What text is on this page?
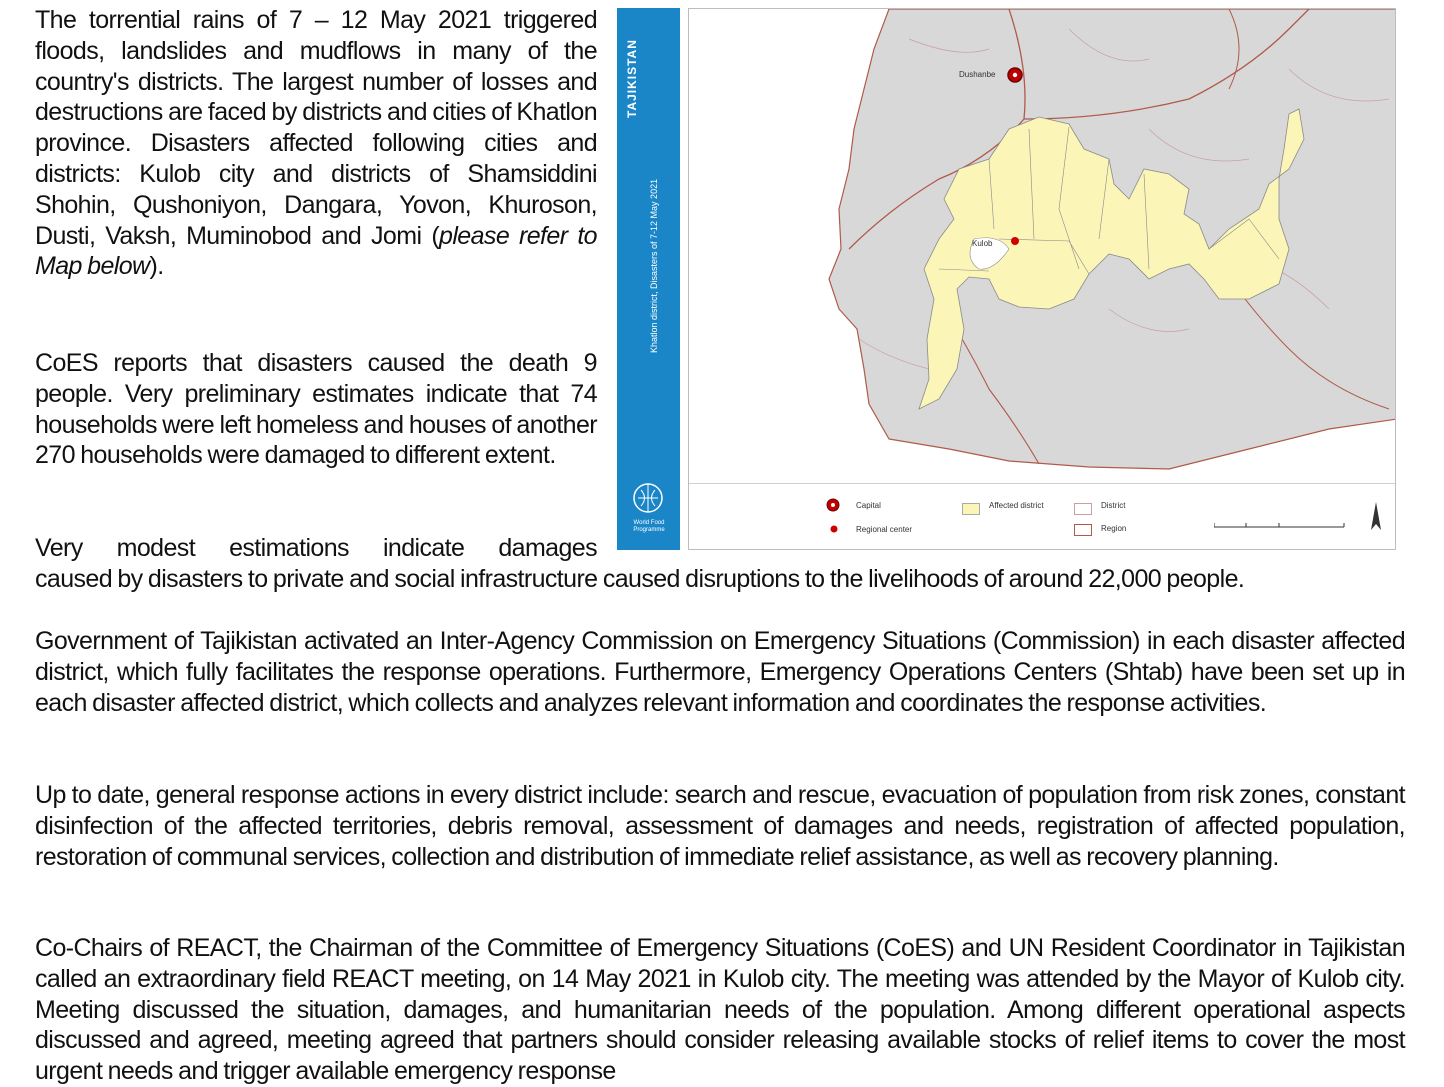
The torrential rains of 7 – 12 May 2021 triggered floods, landslides and mudflows in many of the country's districts. The largest number of losses and destructions are faced by districts and cities of Khatlon province. Disasters affected following cities and districts: Kulob city and districts of Shamsiddini Shohin, Qushoniyon, Dangara, Yovon, Khuroson, Dusti, Vaksh, Muminobod and Jomi (please refer to Map below).
CoES reports that disasters caused the death 9 people. Very preliminary estimates indicate that 74 households were left homeless and houses of another 270 households were damaged to different extent.
Very modest estimations indicate damages
caused by disasters to private and social infrastructure caused disruptions to the livelihoods of around 22,000 people.
Government of Tajikistan activated an Inter-Agency Commission on Emergency Situations (Commission) in each disaster affected district, which fully facilitates the response operations. Furthermore, Emergency Operations Centers (Shtab) have been set up in each disaster affected district, which collects and analyzes relevant information and coordinates the response activities.
Up to date, general response actions in every district include: search and rescue, evacuation of population from risk zones, constant disinfection of the affected territories, debris removal, assessment of damages and needs, registration of affected population, restoration of communal services, collection and distribution of immediate relief assistance, as well as recovery planning.
Co-Chairs of REACT, the Chairman of the Committee of Emergency Situations (CoES) and UN Resident Coordinator in Tajikistan called an extraordinary field REACT meeting, on 14 May 2021 in Kulob city. The meeting was attended by the Mayor of Kulob city. Meeting discussed the situation, damages, and humanitarian needs of the population. Among different operational aspects discussed and agreed, meeting agreed that partners should consider releasing available stocks of relief items to cover the most urgent needs and trigger available emergency response
TAJIKISTAN
Khatlon district, Disasters of 7-12 May 2021
World Food Programme
Dushanbe
Kulob
Capital
Regional center
Affected district	District
Region
